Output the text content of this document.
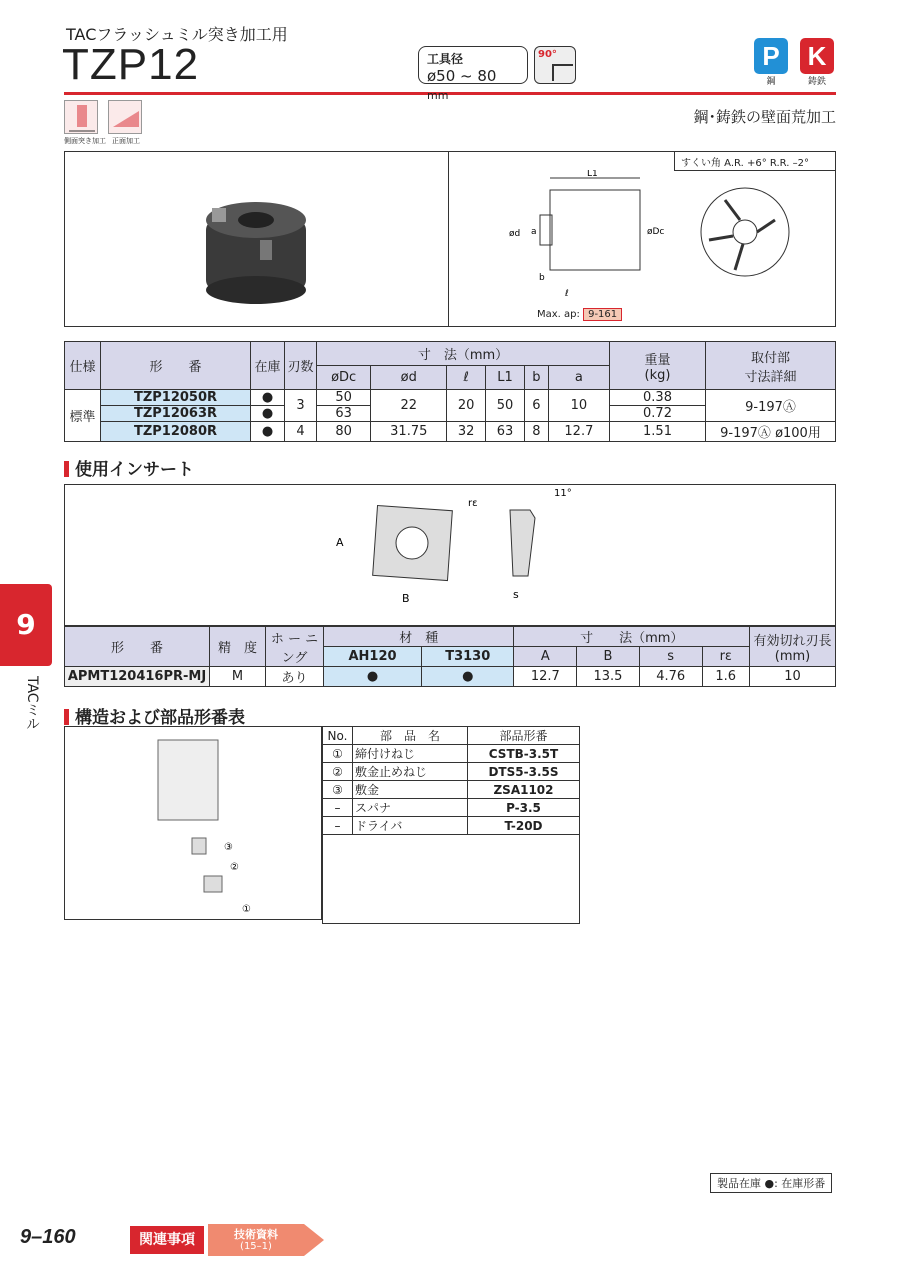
TACフラッシュミル突き加工用
TZP12	工具径
ø50 ~ 80 mm
90°	P	K
鋼	鋳鉄
側面突き加工 正面加工
鋼･鋳鉄の壁面荒加工
すくい角 A.R. +6° R.R. –2°
L1
ød a	øDc
b
ℓ
Max. ap: 9-161
仕様	形　　番	在庫	刃数	寸　法（mm）						重量
(kg)	取付部
寸法詳細
				øDc	ød	ℓ	L1	b	a		
標準	TZP12050R	●	3	50	22	20	50	6	10	0.38	9-197Ⓐ
	TZP12063R	●		63						0.72	
	TZP12080R	●	4	80	31.75	32	63	8	12.7	1.51	9-197Ⓐ ø100用
使用インサート
A
B	s
rε
11°
形　　番	精　度	ホ ー ニング	材　種		寸　　法（mm）				有効切れ刃長
(mm)
			AH120	T3130	A	B	s	rε	
APMT120416PR-MJ	M	あり	●	●	12.7	13.5	4.76	1.6	10
構造および部品形番表
③
②
①
No.	部　品　名	部品形番
①	締付けねじ	CSTB-3.5T
②	敷金止めねじ	DTS5-3.5S
③	敷金	ZSA1102
–	スパナ	P-3.5
–	ドライバ	T-20D

9
TACミル
製品在庫 ●: 在庫形番
9–160	関連事項	技術資料
(15–1)
